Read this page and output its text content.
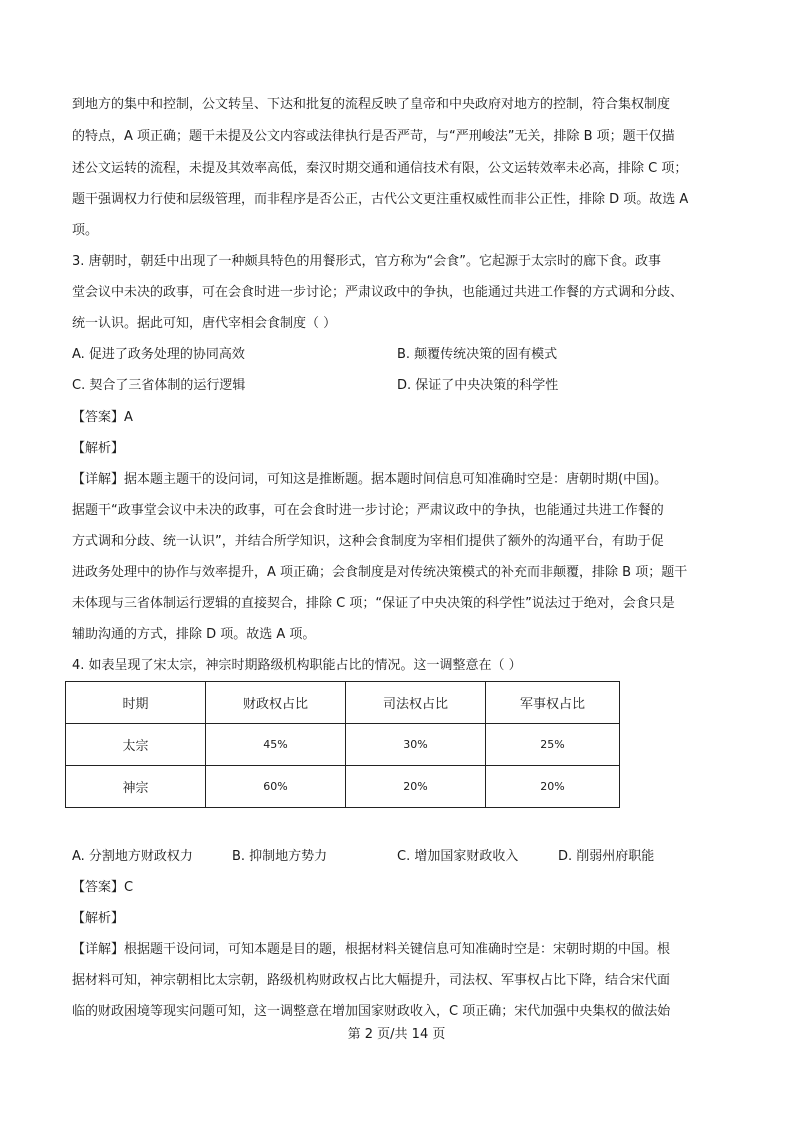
到地方的集中和控制，公文转呈、下达和批复的流程反映了皇帝和中央政府对地方的控制，符合集权制度
的特点，A 项正确；题干未提及公文内容或法律执行是否严苛，与“严刑峻法”无关，排除 B 项；题干仅描
述公文运转的流程，未提及其效率高低，秦汉时期交通和通信技术有限，公文运转效率未必高，排除 C 项；
题干强调权力行使和层级管理，而非程序是否公正，古代公文更注重权威性而非公正性，排除 D 项。故选 A
项。
3. 唐朝时，朝廷中出现了一种颇具特色的用餐形式，官方称为“会食”。它起源于太宗时的廊下食。政事
堂会议中未决的政事，可在会食时进一步讨论；严肃议政中的争执，也能通过共进工作餐的方式调和分歧、
统一认识。据此可知，唐代宰相会食制度（ ）
A. 促进了政务处理的协同高效	B. 颠覆传统决策的固有模式
C. 契合了三省体制的运行逻辑	D. 保证了中央决策的科学性
【答案】A
【解析】
【详解】据本题主题干的设问词，可知这是推断题。据本题时间信息可知准确时空是：唐朝时期(中国)。
据题干“政事堂会议中未决的政事，可在会食时进一步讨论；严肃议政中的争执，也能通过共进工作餐的
方式调和分歧、统一认识”，并结合所学知识，这种会食制度为宰相们提供了额外的沟通平台，有助于促
进政务处理中的协作与效率提升，A 项正确；会食制度是对传统决策模式的补充而非颠覆，排除 B 项；题干
未体现与三省体制运行逻辑的直接契合，排除 C 项；“保证了中央决策的科学性”说法过于绝对，会食只是
辅助沟通的方式，排除 D 项。故选 A 项。
4. 如表呈现了宋太宗，神宗时期路级机构职能占比的情况。这一调整意在（ ）
时期	财政权占比	司法权占比	军事权占比
太宗	45%	30%	25%
神宗	60%	20%	20%
A. 分割地方财政权力	B. 抑制地方势力	C. 增加国家财政收入	D. 削弱州府职能
【答案】C
【解析】
【详解】根据题干设问词，可知本题是目的题，根据材料关键信息可知准确时空是：宋朝时期的中国。根
据材料可知，神宗朝相比太宗朝，路级机构财政权占比大幅提升，司法权、军事权占比下降，结合宋代面
临的财政困境等现实问题可知，这一调整意在增加国家财政收入，C 项正确；宋代加强中央集权的做法始
第 2 页/共 14 页
